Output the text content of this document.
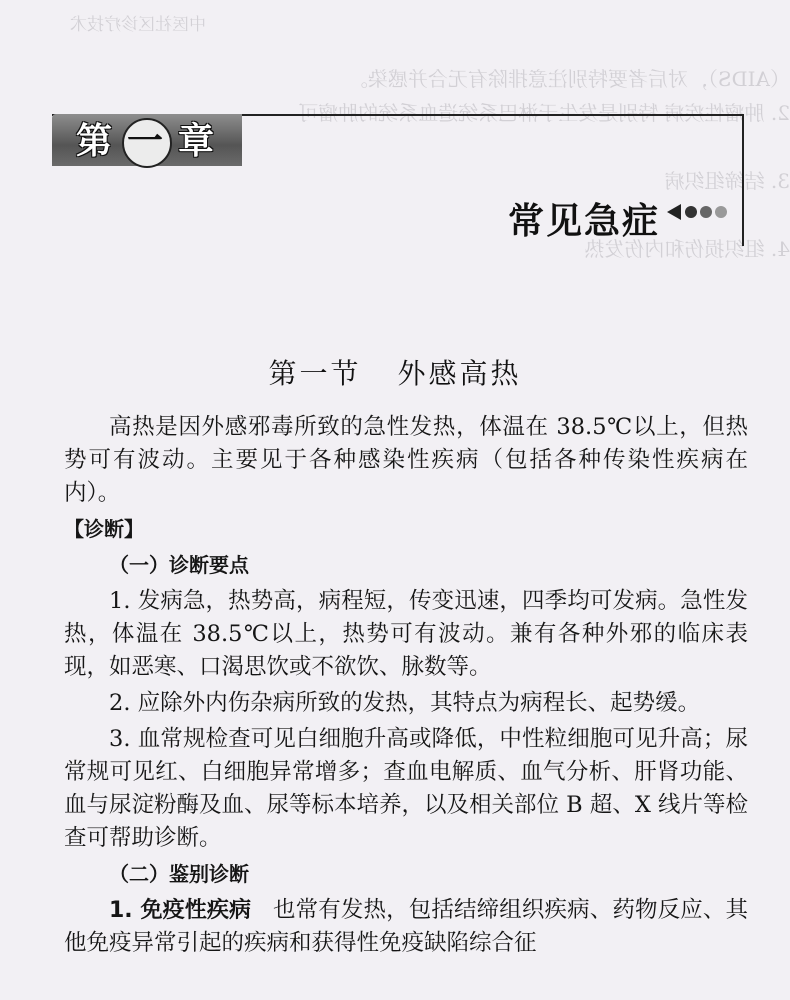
中医社区诊疗技术
（AIDS），对后者要特别注意排除有无合并感染。
2. 肿瘤性疾病 特别是发生于淋巴系统造血系统的肿瘤可
3. 结缔组织病
4. 组织损伤和内伤发热
第 一 章
常见急症
第一节 外感高热

高热是因外感邪毒所致的急性发热，体温在 38.5℃以上，但热势可有波动。主要见于各种感染性疾病（包括各种传染性疾病在内）。

【诊断】

（一）诊断要点

1. 发病急，热势高，病程短，传变迅速，四季均可发病。急性发热，体温在 38.5℃以上，热势可有波动。兼有各种外邪的临床表现，如恶寒、口渴思饮或不欲饮、脉数等。

2. 应除外内伤杂病所致的发热，其特点为病程长、起势缓。

3. 血常规检查可见白细胞升高或降低，中性粒细胞可见升高；尿常规可见红、白细胞异常增多；查血电解质、血气分析、肝肾功能、血与尿淀粉酶及血、尿等标本培养，以及相关部位 B 超、X 线片等检查可帮助诊断。

（二）鉴别诊断

1. 免疫性疾病 也常有发热，包括结缔组织疾病、药物反应、其他免疫异常引起的疾病和获得性免疫缺陷综合征
